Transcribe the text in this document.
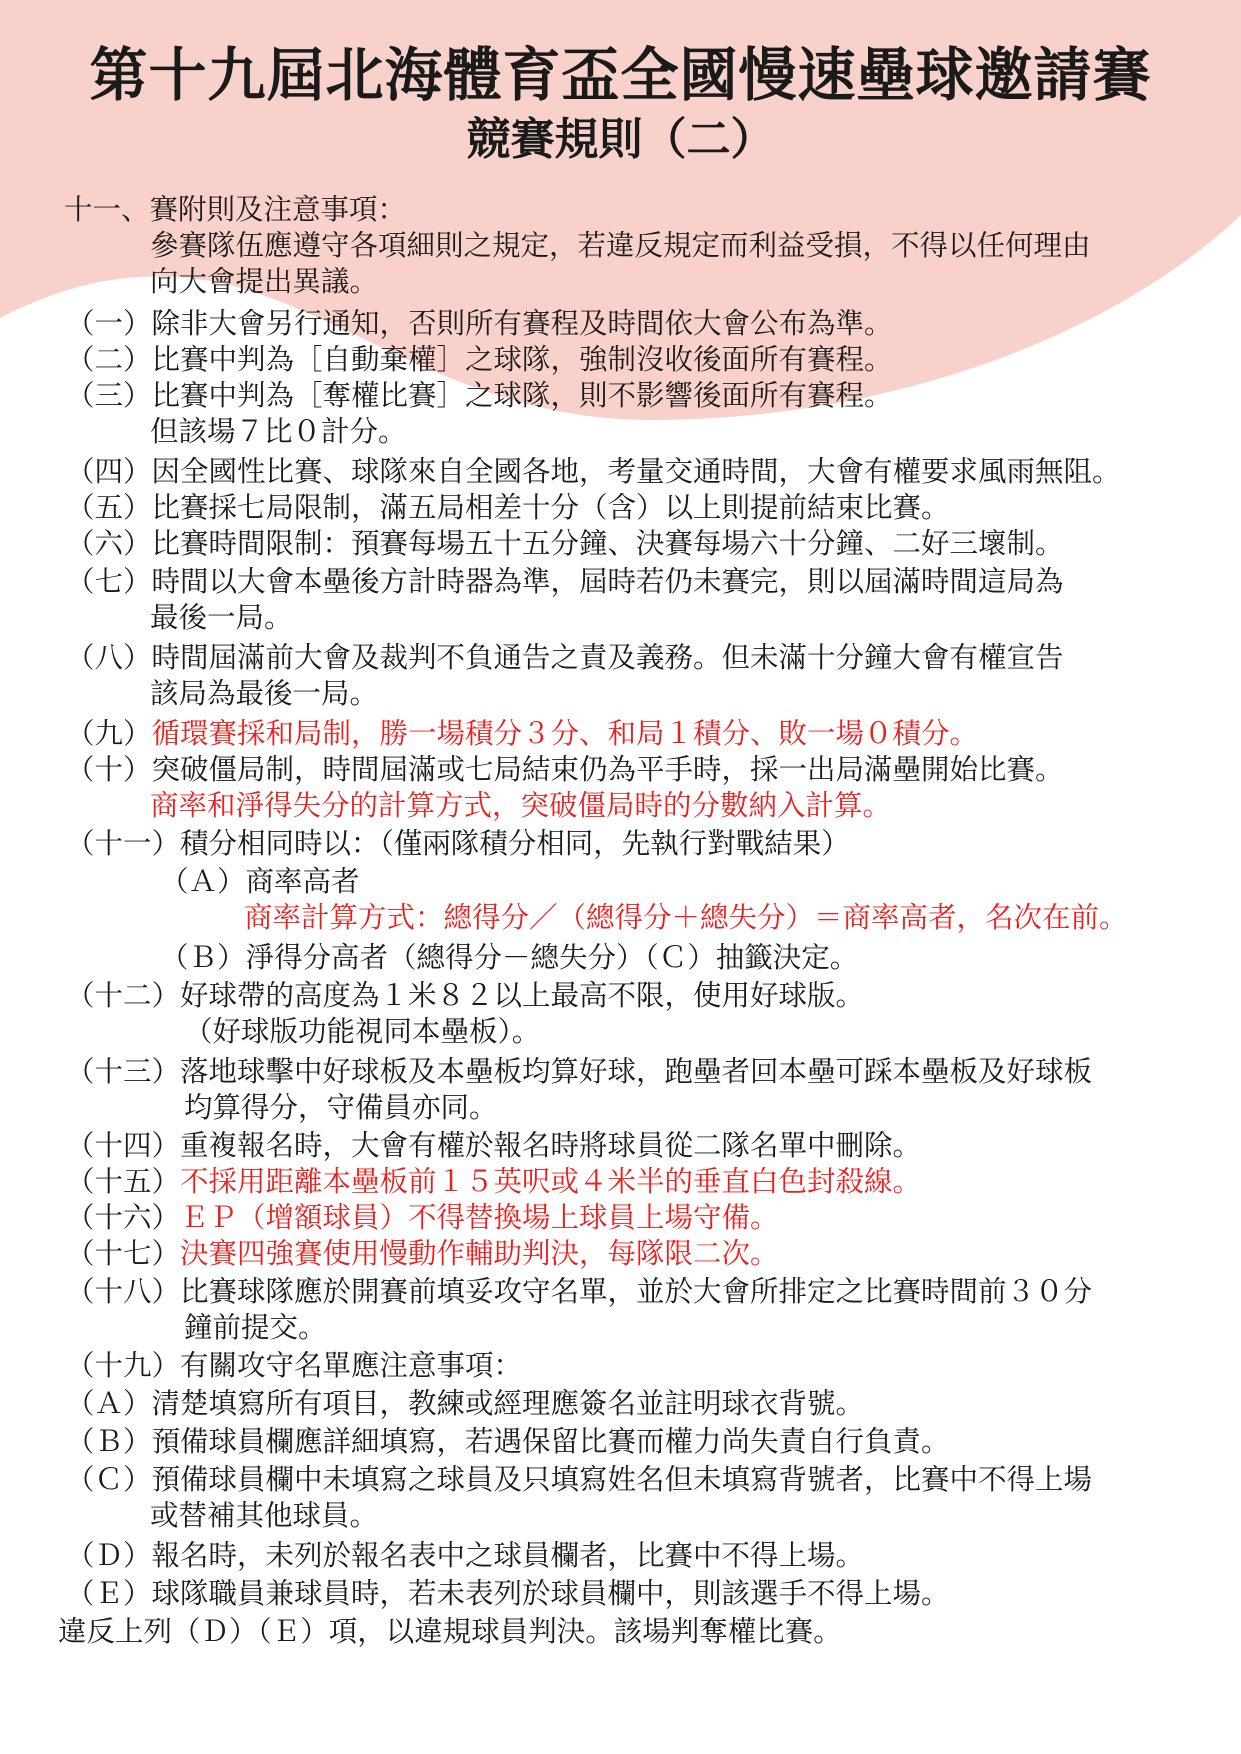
第十九屆北海體育盃全國慢速壘球邀請賽
競賽規則（二）
十一、賽附則及注意事項：
參賽隊伍應遵守各項細則之規定，若違反規定而利益受損，不得以任何理由
向大會提出異議。
（一）除非大會另行通知，否則所有賽程及時間依大會公布為準。
（二）比賽中判為［自動棄權］之球隊，強制沒收後面所有賽程。
（三）比賽中判為［奪權比賽］之球隊，則不影響後面所有賽程。
但該場７比０計分。
（四）因全國性比賽、球隊來自全國各地，考量交通時間，大會有權要求風雨無阻。
（五）比賽採七局限制，滿五局相差十分（含）以上則提前結束比賽。
（六）比賽時間限制：預賽每場五十五分鐘、決賽每場六十分鐘、二好三壞制。
（七）時間以大會本壘後方計時器為準，屆時若仍未賽完，則以屆滿時間這局為
最後一局。
（八）時間屆滿前大會及裁判不負通告之責及義務。但未滿十分鐘大會有權宣告
該局為最後一局。
（九）循環賽採和局制，勝一場積分３分、和局１積分、敗一場０積分。
（十）突破僵局制，時間屆滿或七局結束仍為平手時，採一出局滿壘開始比賽。
商率和淨得失分的計算方式，突破僵局時的分數納入計算。
（十一）積分相同時以：（僅兩隊積分相同，先執行對戰結果）
（Ａ）商率高者
商率計算方式：總得分／（總得分＋總失分）＝商率高者，名次在前。
（Ｂ）淨得分高者（總得分－總失分）（Ｃ）抽籤決定。
（十二）好球帶的高度為１米８２以上最高不限，使用好球版。
（好球版功能視同本壘板）。
（十三）落地球擊中好球板及本壘板均算好球，跑壘者回本壘可踩本壘板及好球板
均算得分，守備員亦同。
（十四）重複報名時，大會有權於報名時將球員從二隊名單中刪除。
（十五）不採用距離本壘板前１５英呎或４米半的垂直白色封殺線。
（十六）ＥＰ（增額球員）不得替換場上球員上場守備。
（十七）決賽四強賽使用慢動作輔助判決，每隊限二次。
（十八）比賽球隊應於開賽前填妥攻守名單，並於大會所排定之比賽時間前３０分
鐘前提交。
（十九）有關攻守名單應注意事項：
（Ａ）清楚填寫所有項目，教練或經理應簽名並註明球衣背號。
（Ｂ）預備球員欄應詳細填寫，若遇保留比賽而權力尚失責自行負責。
（Ｃ）預備球員欄中未填寫之球員及只填寫姓名但未填寫背號者，比賽中不得上場
或替補其他球員。
（Ｄ）報名時，未列於報名表中之球員欄者，比賽中不得上場。
（Ｅ）球隊職員兼球員時，若未表列於球員欄中，則該選手不得上場。
違反上列（Ｄ）（Ｅ）項，以違規球員判決。該場判奪權比賽。
